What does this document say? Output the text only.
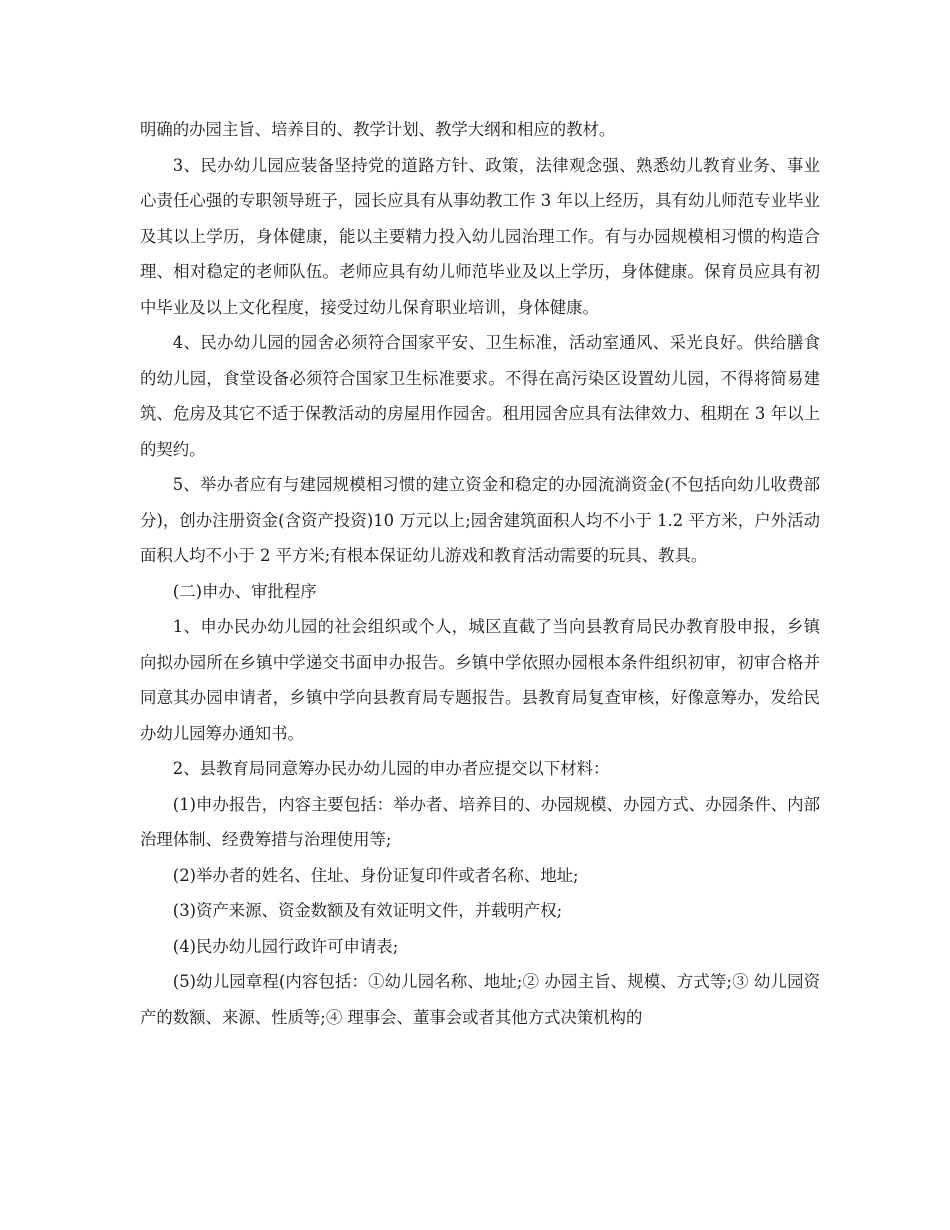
明确的办园主旨、培养目的、教学计划、教学大纲和相应的教材。

3、民办幼儿园应装备坚持党的道路方针、政策，法律观念强、熟悉幼儿教育业务、事业心责任心强的专职领导班子，园长应具有从事幼教工作 3 年以上经历，具有幼儿师范专业毕业及其以上学历，身体健康，能以主要精力投入幼儿园治理工作。有与办园规模相习惯的构造合理、相对稳定的老师队伍。老师应具有幼儿师范毕业及以上学历，身体健康。保育员应具有初中毕业及以上文化程度，接受过幼儿保育职业培训，身体健康。

4、民办幼儿园的园舍必须符合国家平安、卫生标准，活动室通风、采光良好。供给膳食的幼儿园，食堂设备必须符合国家卫生标准要求。不得在高污染区设置幼儿园，不得将简易建筑、危房及其它不适于保教活动的房屋用作园舍。租用园舍应具有法律效力、租期在 3 年以上的契约。

5、举办者应有与建园规模相习惯的建立资金和稳定的办园流淌资金(不包括向幼儿收费部分)，创办注册资金(含资产投资)10 万元以上;园舍建筑面积人均不小于 1.2 平方米，户外活动面积人均不小于 2 平方米;有根本保证幼儿游戏和教育活动需要的玩具、教具。

(二)申办、审批程序

1、申办民办幼儿园的社会组织或个人，城区直截了当向县教育局民办教育股申报，乡镇向拟办园所在乡镇中学递交书面申办报告。乡镇中学依照办园根本条件组织初审，初审合格并同意其办园申请者，乡镇中学向县教育局专题报告。县教育局复查审核，好像意筹办，发给民办幼儿园筹办通知书。

2、县教育局同意筹办民办幼儿园的申办者应提交以下材料：

(1)申办报告，内容主要包括：举办者、培养目的、办园规模、办园方式、办园条件、内部治理体制、经费筹措与治理使用等;

(2)举办者的姓名、住址、身份证复印件或者名称、地址;

(3)资产来源、资金数额及有效证明文件，并载明产权;

(4)民办幼儿园行政许可申请表;

(5)幼儿园章程(内容包括：①幼儿园名称、地址;② 办园主旨、规模、方式等;③ 幼儿园资产的数额、来源、性质等;④ 理事会、董事会或者其他方式决策机构的
